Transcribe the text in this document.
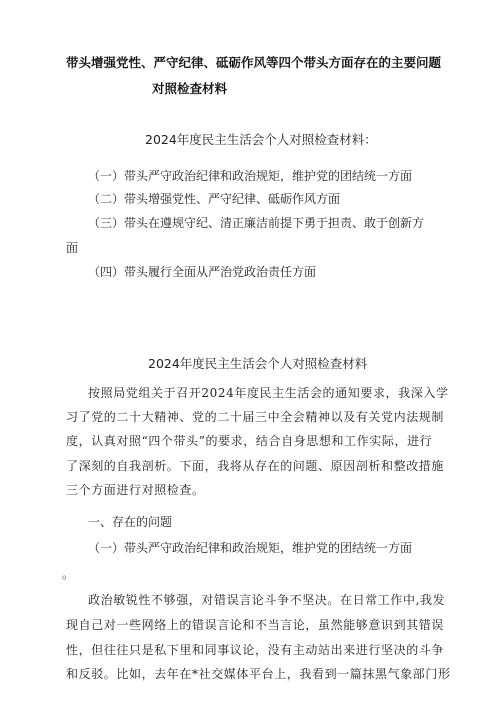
带头增强党性、严守纪律、砥砺作风等四个带头方面存在的主要问题
对照检查材料
2024年度民主生活会个人对照检查材料：
（一）带头严守政治纪律和政治规矩，维护党的团结统一方面
（二）带头增强党性、严守纪律、砥砺作风方面
（三）带头在遵规守纪、清正廉洁前提下勇于担责、敢于创新方
面
（四）带头履行全面从严治党政治责任方面
2024年度民主生活会个人对照检查材料
按照局党组关于召开2024年度民主生活会的通知要求，我深入学
习了党的二十大精神、党的二十届三中全会精神以及有关党内法规制
度，认真对照“四个带头”的要求，结合自身思想和工作实际，进行
了深刻的自我剖析。下面，我将从存在的问题、原因剖析和整改措施
三个方面进行对照检查。
一、存在的问题
（一）带头严守政治纪律和政治规矩，维护党的团结统一方面
。
政治敏锐性不够强，对错误言论斗争不坚决。在日常工作中,我发
现自己对一些网络上的错误言论和不当言论，虽然能够意识到其错误
性，但往往只是私下里和同事议论，没有主动站出来进行坚决的斗争
和反驳。比如，去年在*社交媒体平台上，我看到一篇抹黑气象部门形
